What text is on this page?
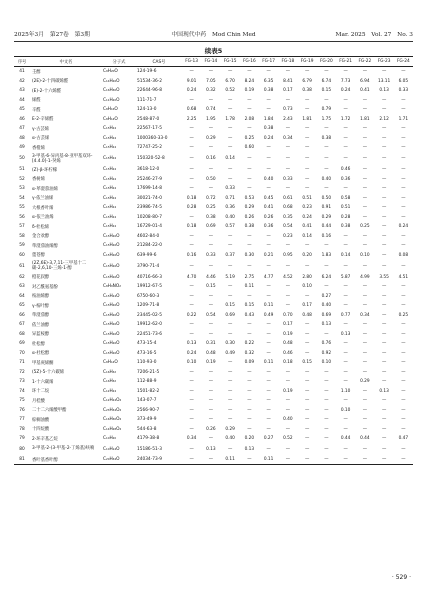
2025年3月　第27卷　第3期	中国现代中药　Mod Chin Med	Mar. 2025　Vol. 27　No. 3
续表5
序号	中文名	分子式	CAS号	FG-13	FG-14	FG-15	FG-16	FG-17	FG-18	FG-19	FG-20	FG-21	FG-22	FG-23	FG-24
41	壬醇	C₉H₂₀O	124-19-6	—	—	—	—	—	—	—	—	—	—	—	—
42	(2E)-2-十四碳烯醛	C₁₄H₂₆O	51534-36-2	9.01	7.05	6.70	8.24	6.35	8.41	6.79	6.74	7.73	6.94	13.11	6.05
43	(E)-2-十六烯醛	C₁₆H₃₀O	22644-96-8	0.24	0.32	0.52	0.19	0.38	0.17	0.38	0.15	0.24	0.41	0.13	0.33
44	烯醛	C₁₁H₂₀O	111-71-7	—	—	—	—	—	—	—	—	—	—	—	—
45	辛醛	C₈H₁₆O	124-13-0	0.68	0.74	—	—	—	0.73	—	0.79	—	—	—	—
46	E-2-辛烯醛	C₈H₁₄O	2548-87-0	2.25	1.95	1.78	2.08	1.84	2.43	1.81	1.75	1.72	1.81	2.12	1.71
47	γ-古芸烯	C₁₅H₂₄	22567-17-5	—	—	—	—	0.38	—	—	—	—	—	—	—
48	α-古芸烯	C₁₅H₂₄	1000360-33-0	—	0.29	—	0.25	0.24	0.34	—	0.38	—	—	—	—
49	香橙烯	C₁₅H₂₄	72747-25-2	—	—	—	0.60	—	—	—	—	—	—	—	—
50	3-甲基-6-异丙基-8-亚甲基双环-[4.4.0]-1-癸烯	C₁₅H₂₄	150320-52-8	—	0.16	0.14	—	—	—	—	—	—	—	—	—
51	(Z)-β-环柠檬	C₁₅H₂₄	3618-12-0	—	—	—	—	—	—	—	—	0.46	—	—	—
52	香树烯	C₁₅H₂₄	25246-27-9	—	0.50	—	—	0.40	0.33	—	0.40	0.36	—	—	—
53	α-荜澄茄油烯	C₁₅H₂₄	17699-14-8	—	—	0.33	—	—	—	—	—	—	—	—	—
54	γ-依兰油烯	C₁₅H₂₄	30021-74-0	0.18	0.72	0.71	0.53	0.45	0.61	0.51	0.50	0.58	—	—	—
55	大根香叶烯	C₁₅H₂₄	23986-74-5	0.28	0.25	0.36	0.29	0.41	0.68	0.23	0.91	0.51	—	—	—
56	α-依兰油烯	C₁₅H₂₄	10208-80-7	—	0.38	0.40	0.26	0.26	0.35	0.24	0.29	0.28	—	—	—
57	δ-杜松烯	C₁₅H₂₄	16729-01-4	0.18	0.69	0.57	0.38	0.36	0.54	0.41	0.44	0.38	0.25	—	0.24
58	金合欢醇	C₁₅H₂₆O	4602-84-0	—	—	—	—	—	0.23	0.14	0.16	—	—	—	—
59	荜澄茄油烯醇	C₁₅H₂₆O	21284-22-0	—	—	—	—	—	—	—	—	—	—	—	—
60	蓖苍醇	C₁₅H₂₆O	639-99-6	0.16	0.33	0.37	0.30	0.21	0.95	0.20	1.83	0.14	0.10	—	0.08
61	(2Z,6E)-3,7,11-三甲基十二碳-2,6,10-三烯-1-醇	C₁₅H₂₆O	3790-71-4	—	—	—	—	—	—	—	—	—	—	—	—
62	橙花叔醇	C₁₅H₂₆O	40716-66-3	4.70	4.46	5.19	2.75	4.77	4.52	2.80	6.24	5.87	4.99	3.55	4.51
63	对乙酰氨基酚	C₈H₉NO₂	19912-67-5	—	0.15	—	0.11	—	—	0.10	—	—	—	—	—
64	桉油烯醇	C₁₅H₂₄O	6750-60-3	—	—	—	—	—	—	—	0.27	—	—	—	—
65	γ-桉叶醇	C₁₅H₂₆O	1209-71-8	—	—	0.15	0.15	0.11	—	0.17	0.40	—	—	—	—
66	荜澄茄醇	C₁₅H₂₆O	23445-02-5	0.22	0.54	0.69	0.43	0.49	0.70	0.48	0.69	0.77	0.34	—	0.25
67	依兰油醇	C₁₅H₂₆O	19912-62-0	—	—	—	—	—	0.17	—	0.13	—	—	—	—
68	异蓝桉醇	C₁₅H₂₆O	22451-73-6	—	—	—	—	—	0.19	—	—	0.13	—	—	—
69	杜松醇	C₁₅H₂₆O	473-15-4	0.13	0.31	0.30	0.22	—	0.48	—	0.76	—	—	—	—
70	α-杜松醇	C₁₅H₂₆O	473-16-5	0.24	0.48	0.49	0.32	—	0.46	—	0.92	—	—	—	—
71	甲基庚烯酮	C₈H₁₄O	110-93-0	0.10	0.19	—	0.09	0.11	0.18	0.15	0.10	—	—	—	—
72	(5Z)-5-十六碳烯	C₁₆H₃₂	7206-21-5	—	—	—	—	—	—	—	—	—	—	—	—
73	1-十六碳烯	C₁₆H₃₂	112-88-9	—	—	—	—	—	—	—	—	—	0.29	—	—
74	环十二烷	C₁₂H₂₄	1501-82-2	—	—	—	—	—	0.19	—	—	1.10	—	0.13	—
75	月桂酸	C₁₂H₂₄O₂	143-07-7	—	—	—	—	—	—	—	—	—	—	—	—
76	二十二六烯酸甲酯	C₂₃H₃₄O₂	2566-90-7	—	—	—	—	—	—	—	—	0.10	—	—	—
77	棕榈油酸	C₁₆H₃₀O₂	373-49-9	—	—	—	—	—	0.40	—	—	—	—	—	—
78	十四烷酸	C₁₄H₂₈O₂	544-63-8	—	0.26	0.29	—	—	—	—	—	—	—	—	—
79	2-环辛基乙烷	C₁₀H₂₀	4179-38-8	0.34	—	0.40	0.20	0.27	0.52	—	—	0.44	0.44	—	0.47
80	3-甲基-2-(3-甲基-2-丁烯基)呋喃	C₁₀H₁₄O	15186-51-3	—	0.13	—	0.13	—	—	—	—	—	—	—	—
81	香叶基香叶醇	C₂₀H₃₄O	24034-73-9	—	—	0.11	—	0.11	—	—	—	—	—	—	—
· 529 ·
